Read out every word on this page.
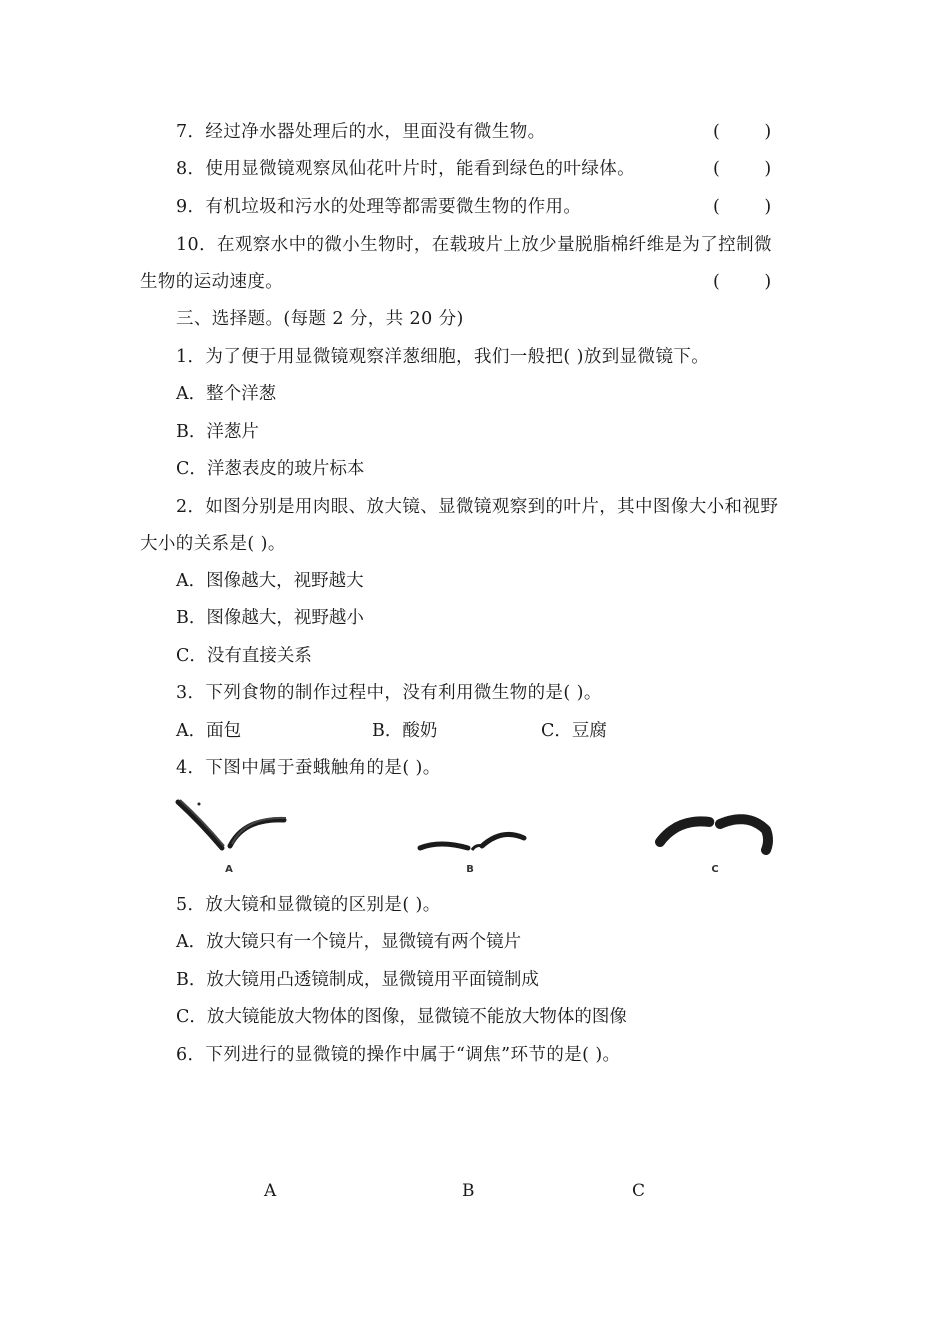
7．经过净水器处理后的水，里面没有微生物。	(        )
8．使用显微镜观察凤仙花叶片时，能看到绿色的叶绿体。	(        )
9．有机垃圾和污水的处理等都需要微生物的作用。	(        )
10．在观察水中的微小生物时，在载玻片上放少量脱脂棉纤维是为了控制微
生物的运动速度。	(        )
三、选择题。(每题 2 分，共 20 分)
1．为了便于用显微镜观察洋葱细胞，我们一般把( )放到显微镜下。
A．整个洋葱
B．洋葱片
C．洋葱表皮的玻片标本
2．如图分别是用肉眼、放大镜、显微镜观察到的叶片，其中图像大小和视野
大小的关系是( )。
A．图像越大，视野越大
B．图像越大，视野越小
C．没有直接关系
3．下列食物的制作过程中，没有利用微生物的是( )。
A．面包	B．酸奶	C．豆腐
4．下图中属于蚕蛾触角的是( )。
A	B	C
5．放大镜和显微镜的区别是( )。
A．放大镜只有一个镜片，显微镜有两个镜片
B．放大镜用凸透镜制成，显微镜用平面镜制成
C．放大镜能放大物体的图像，显微镜不能放大物体的图像
6．下列进行的显微镜的操作中属于“调焦”环节的是( )。
A	B	C
